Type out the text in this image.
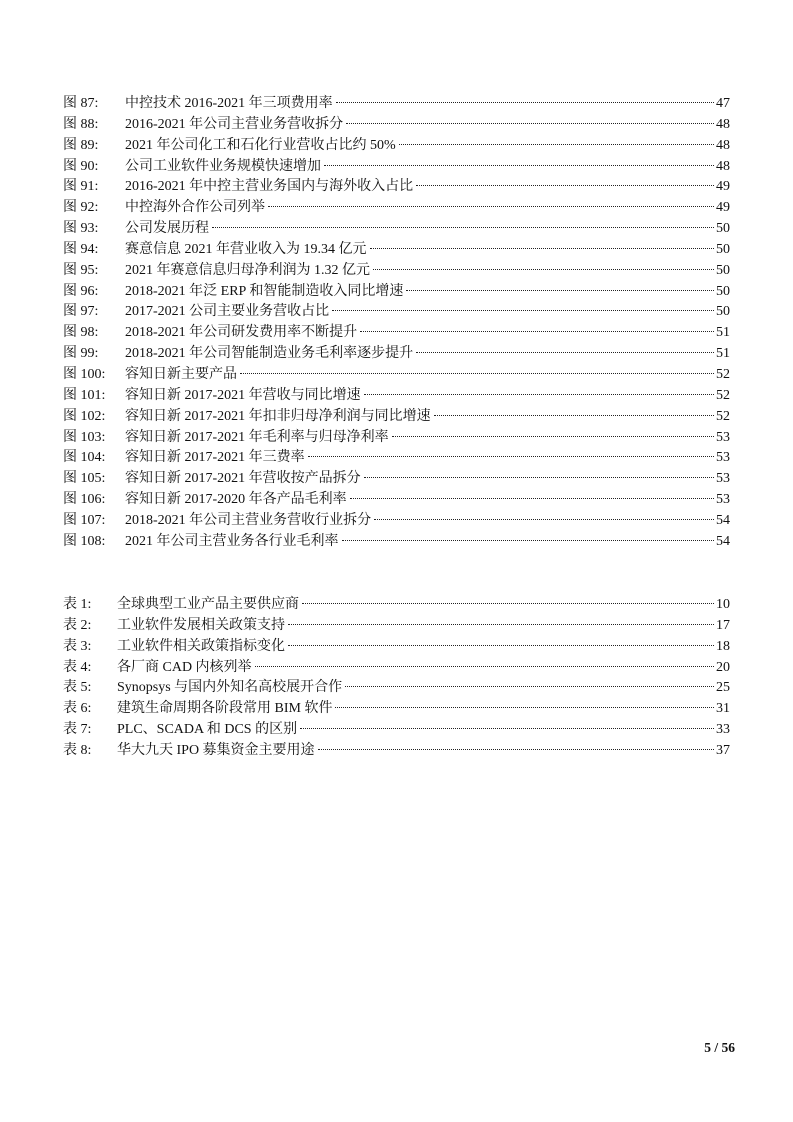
图 87:	中控技术 2016-2021 年三项费用率	47
图 88:	2016-2021 年公司主营业务营收拆分	48
图 89:	2021 年公司化工和石化行业营收占比约 50%	48
图 90:	公司工业软件业务规模快速增加	48
图 91:	2016-2021 年中控主营业务国内与海外收入占比	49
图 92:	中控海外合作公司列举	49
图 93:	公司发展历程	50
图 94:	赛意信息 2021 年营业收入为 19.34 亿元	50
图 95:	2021 年赛意信息归母净利润为 1.32 亿元	50
图 96:	2018-2021 年泛 ERP 和智能制造收入同比增速	50
图 97:	2017-2021 公司主要业务营收占比	50
图 98:	2018-2021 年公司研发费用率不断提升	51
图 99:	2018-2021 年公司智能制造业务毛利率逐步提升	51
图 100:	容知日新主要产品	52
图 101:	容知日新 2017-2021 年营收与同比增速	52
图 102:	容知日新 2017-2021 年扣非归母净利润与同比增速	52
图 103:	容知日新 2017-2021 年毛利率与归母净利率	53
图 104:	容知日新 2017-2021 年三费率	53
图 105:	容知日新 2017-2021 年营收按产品拆分	53
图 106:	容知日新 2017-2020 年各产品毛利率	53
图 107:	2018-2021 年公司主营业务营收行业拆分	54
图 108:	2021 年公司主营业务各行业毛利率	54
表 1:	全球典型工业产品主要供应商	10
表 2:	工业软件发展相关政策支持	17
表 3:	工业软件相关政策指标变化	18
表 4:	各厂商 CAD 内核列举	20
表 5:	Synopsys 与国内外知名高校展开合作	25
表 6:	建筑生命周期各阶段常用 BIM 软件	31
表 7:	PLC、SCADA 和 DCS 的区别	33
表 8:	华大九天 IPO 募集资金主要用途	37
5 / 56
